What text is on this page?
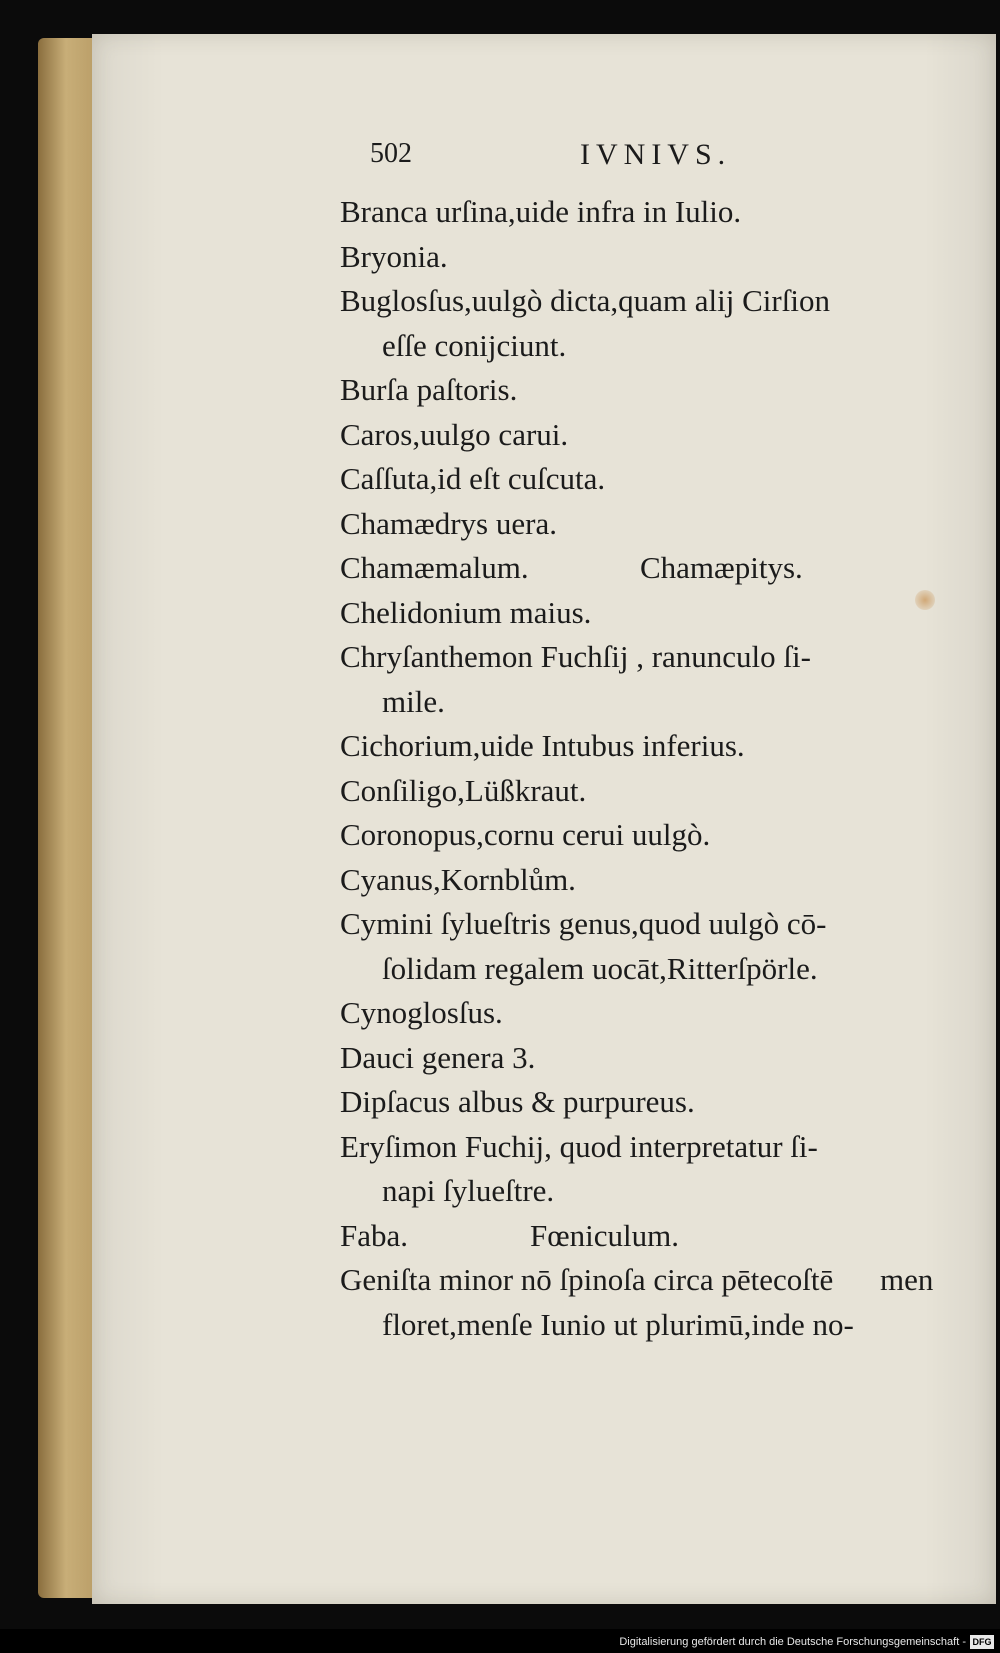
502	IVNIVS.
Branca urſina,uide infra in Iulio.
Bryonia.
Buglosſus,uulgò dicta,quam alij Cirſion
eſſe conijciunt.
Burſa paſtoris.
Caros,uulgo carui.
Caſſuta,id eſt cuſcuta.
Chamædrys uera.
Chamæmalum.	Chamæpitys.
Chelidonium maius.
Chryſanthemon Fuchſij , ranunculo ſi-
mile.
Cichorium,uide Intubus inferius.
Conſiligo,Lüßkraut.
Coronopus,cornu cerui uulgò.
Cyanus,Kornblům.
Cymini ſylueſtris genus,quod uulgò cō-
ſolidam regalem uocāt,Ritterſpörle.
Cynoglosſus.
Dauci genera 3.
Dipſacus albus & purpureus.
Eryſimon Fuchij, quod interpretatur ſi-
napi ſylueſtre.
Faba.	Fœniculum.
Geniſta minor nō ſpinoſa circa pētecoſtē
floret,menſe Iunio ut plurimū,inde no-
men
Digitalisierung gefördert durch die Deutsche Forschungsgemeinschaft - DFG
